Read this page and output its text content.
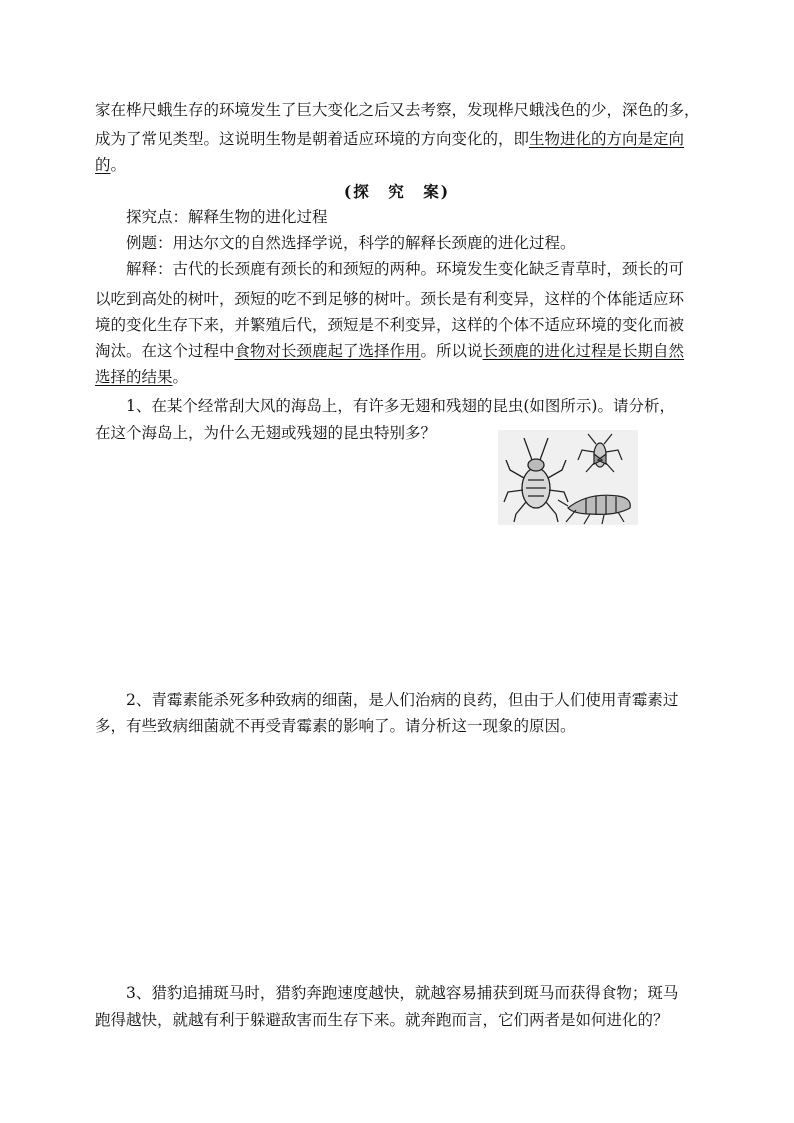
家在桦尺蛾生存的环境发生了巨大变化之后又去考察，发现桦尺蛾浅色的少，深色的多，
成为了常见类型。这说明生物是朝着适应环境的方向变化的，即生物进化的方向是定向
的。
(探　究　案)
探究点：解释生物的进化过程
例题：用达尔文的自然选择学说，科学的解释长颈鹿的进化过程。
解释：古代的长颈鹿有颈长的和颈短的两种。环境发生变化缺乏青草时，颈长的可
以吃到高处的树叶，颈短的吃不到足够的树叶。颈长是有利变异，这样的个体能适应环
境的变化生存下来，并繁殖后代，颈短是不利变异，这样的个体不适应环境的变化而被
淘汰。在这个过程中食物对长颈鹿起了选择作用。所以说长颈鹿的进化过程是长期自然
选择的结果。
1、在某个经常刮大风的海岛上，有许多无翅和残翅的昆虫(如图所示)。请分析，
在这个海岛上，为什么无翅或残翅的昆虫特别多？
2、青霉素能杀死多种致病的细菌，是人们治病的良药，但由于人们使用青霉素过
多，有些致病细菌就不再受青霉素的影响了。请分析这一现象的原因。
3、猎豹追捕斑马时，猎豹奔跑速度越快，就越容易捕获到斑马而获得食物；斑马
跑得越快，就越有利于躲避敌害而生存下来。就奔跑而言，它们两者是如何进化的？
